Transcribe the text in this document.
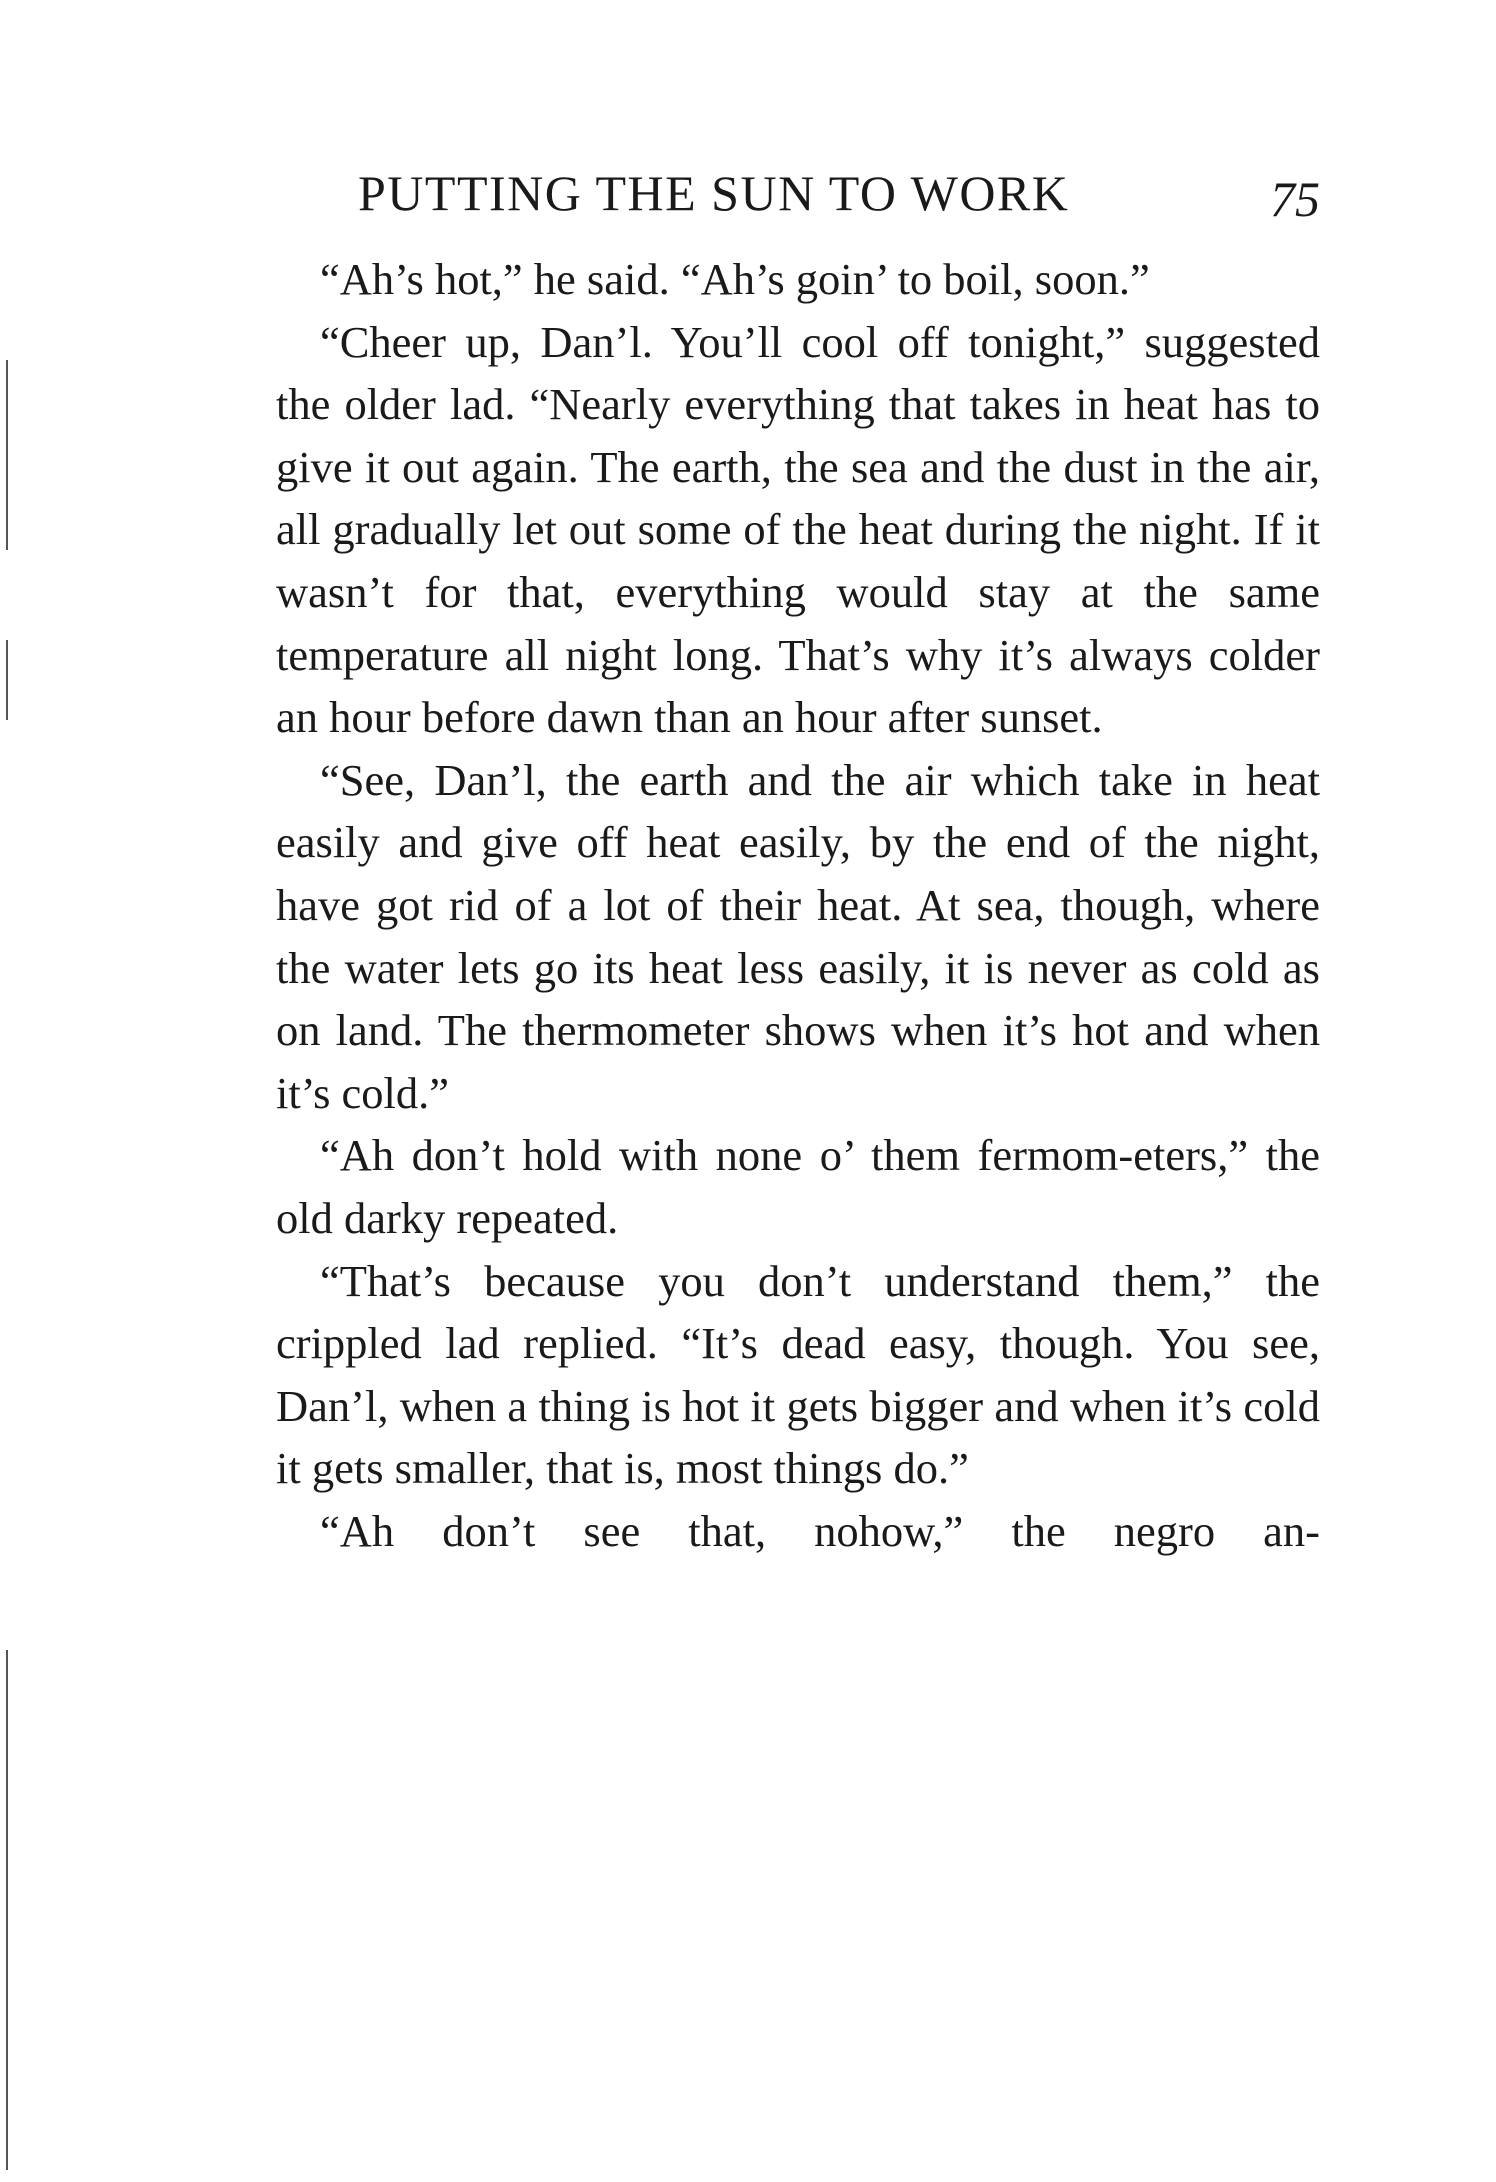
PUTTING THE SUN TO WORK	75

“Ah’s hot,” he said. “Ah’s goin’ to boil, soon.”

“Cheer up, Dan’l. You’ll cool off tonight,” suggested the older lad. “Nearly everything that takes in heat has to give it out again. The earth, the sea and the dust in the air, all gradually let out some of the heat during the night. If it wasn’t for that, everything would stay at the same temperature all night long. That’s why it’s always colder an hour before dawn than an hour after sunset.

“See, Dan’l, the earth and the air which take in heat easily and give off heat easily, by the end of the night, have got rid of a lot of their heat. At sea, though, where the water lets go its heat less easily, it is never as cold as on land. The thermometer shows when it’s hot and when it’s cold.”

“Ah don’t hold with none o’ them fermom-eters,” the old darky repeated.

“That’s because you don’t understand them,” the crippled lad replied. “It’s dead easy, though. You see, Dan’l, when a thing is hot it gets bigger and when it’s cold it gets smaller, that is, most things do.”

“Ah don’t see that, nohow,” the negro an-
